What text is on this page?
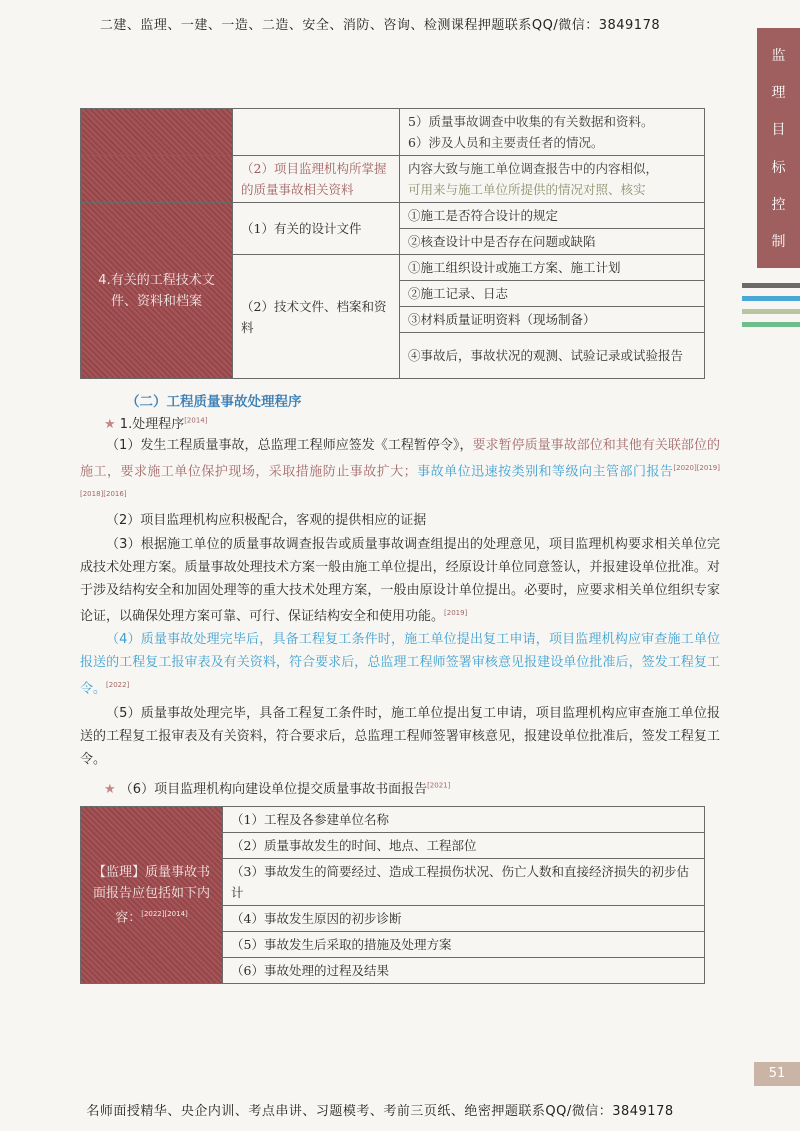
二建、监理、一建、一造、二造、安全、消防、咨询、检测课程押题联系QQ/微信：3849178
监
理
目
标
控
制

		5）质量事故调查中收集的有关数据和资料。
6）涉及人员和主要责任者的情况。

	（2）项目监理机构所掌握的质量事故相关资料	内容大致与施工单位调查报告中的内容相似，
可用来与施工单位所提供的情况对照、核实

4.有关的工程技术文件、资料和档案	（1）有关的设计文件	①施工是否符合设计的规定
		②核查设计中是否存在问题或缺陷
	（2）技术文件、档案和资料	①施工组织设计或施工方案、施工计划
		②施工记录、日志
		③材料质量证明资料（现场制备）
		④事故后，事故状况的观测、试验记录或试验报告
（二）工程质量事故处理程序
★ 1.处理程序[2014]
（1）发生工程质量事故，总监理工程师应签发《工程暂停令》，要求暂停质量事故部位和其他有关联部位的施工，要求施工单位保护现场，采取措施防止事故扩大；事故单位迅速按类别和等级向主管部门报告[2020][2019][2018][2016]
（2）项目监理机构应积极配合，客观的提供相应的证据
（3）根据施工单位的质量事故调查报告或质量事故调查组提出的处理意见，项目监理机构要求相关单位完成技术处理方案。质量事故处理技术方案一般由施工单位提出，经原设计单位同意签认，并报建设单位批准。对于涉及结构安全和加固处理等的重大技术处理方案，一般由原设计单位提出。必要时，应要求相关单位组织专家论证，以确保处理方案可靠、可行、保证结构安全和使用功能。[2019]
（4）质量事故处理完毕后，具备工程复工条件时，施工单位提出复工申请，项目监理机构应审查施工单位报送的工程复工报审表及有关资料，符合要求后，总监理工程师签署审核意见报建设单位批准后，签发工程复工令。[2022]
（5）质量事故处理完毕，具备工程复工条件时，施工单位提出复工申请，项目监理机构应审查施工单位报送的工程复工报审表及有关资料，符合要求后，总监理工程师签署审核意见，报建设单位批准后，签发工程复工令。
★ （6）项目监理机构向建设单位提交质量事故书面报告[2021]
【监理】质量事故书面报告应包括如下内容：[2022][2014]	（1）工程及各参建单位名称
（2）质量事故发生的时间、地点、工程部位
（3）事故发生的简要经过、造成工程损伤状况、伤亡人数和直接经济损失的初步估计
（4）事故发生原因的初步诊断
（5）事故发生后采取的措施及处理方案
（6）事故处理的过程及结果
51
名师面授精华、央企内训、考点串讲、习题模考、考前三页纸、绝密押题联系QQ/微信：3849178
